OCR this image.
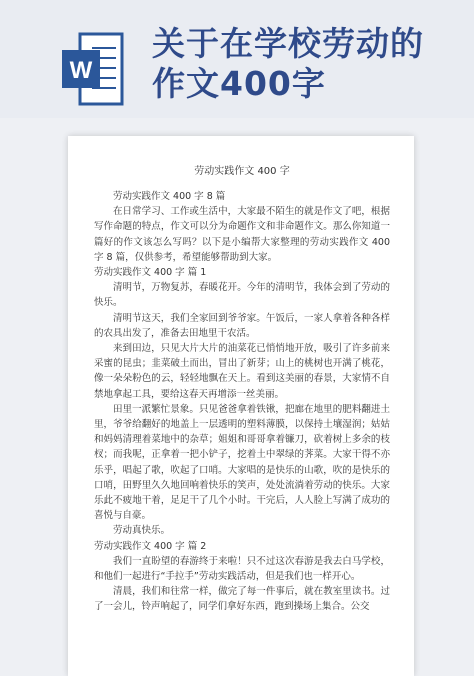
W
关于在学校劳动的
作文400字

劳动实践作文 400 字

劳动实践作文 400 字 8 篇

在日常学习、工作或生活中，大家最不陌生的就是作文了吧，根据写作命题的特点，作文可以分为命题作文和非命题作文。那么你知道一篇好的作文该怎么写吗？以下是小编帮大家整理的劳动实践作文 400 字 8 篇，仅供参考，希望能够帮助到大家。

劳动实践作文 400 字 篇 1

清明节，万物复苏，春暖花开。今年的清明节，我体会到了劳动的快乐。

清明节这天，我们全家回到爷爷家。午饭后，一家人拿着各种各样的农具出发了，准备去田地里干农活。

来到田边，只见大片大片的油菜花已悄悄地开放，吸引了许多前来采蜜的昆虫；韭菜破土而出，冒出了新芽；山上的桃树也开满了桃花，像一朵朵粉色的云，轻轻地飘在天上。看到这美丽的春景，大家情不自禁地拿起工具，要给这春天再增添一丝美丽。

田里一派繁忙景象。只见爸爸拿着铁锹，把廊在地里的肥料翻进土里，爷爷给翻好的地盖上一层透明的塑料薄膜，以保持土壤湿润；姑姑和妈妈清理着菜地中的杂草；姐姐和哥哥拿着镰刀，砍着树上多余的枝杈；而我呢，正拿着一把小铲子，挖着土中翠绿的荠菜。大家干得不亦乐乎，唱起了歌，吹起了口哨。大家唱的是快乐的山歌，吹的是快乐的口哨，田野里久久地回响着快乐的笑声，处处流淌着劳动的快乐。大家乐此不疲地干着，足足干了几个小时。干完后，人人脸上写满了成功的喜悦与自豪。

劳动真快乐。

劳动实践作文 400 字 篇 2

我们一直盼望的春游终于来啦！只不过这次春游是我去白马学校，和他们一起进行“手拉手”劳动实践活动，但是我们也一样开心。

清晨，我们和往常一样，做完了每一件事后，就在教室里读书。过了一会儿，铃声响起了，同学们拿好东西，跑到操场上集合。公交
